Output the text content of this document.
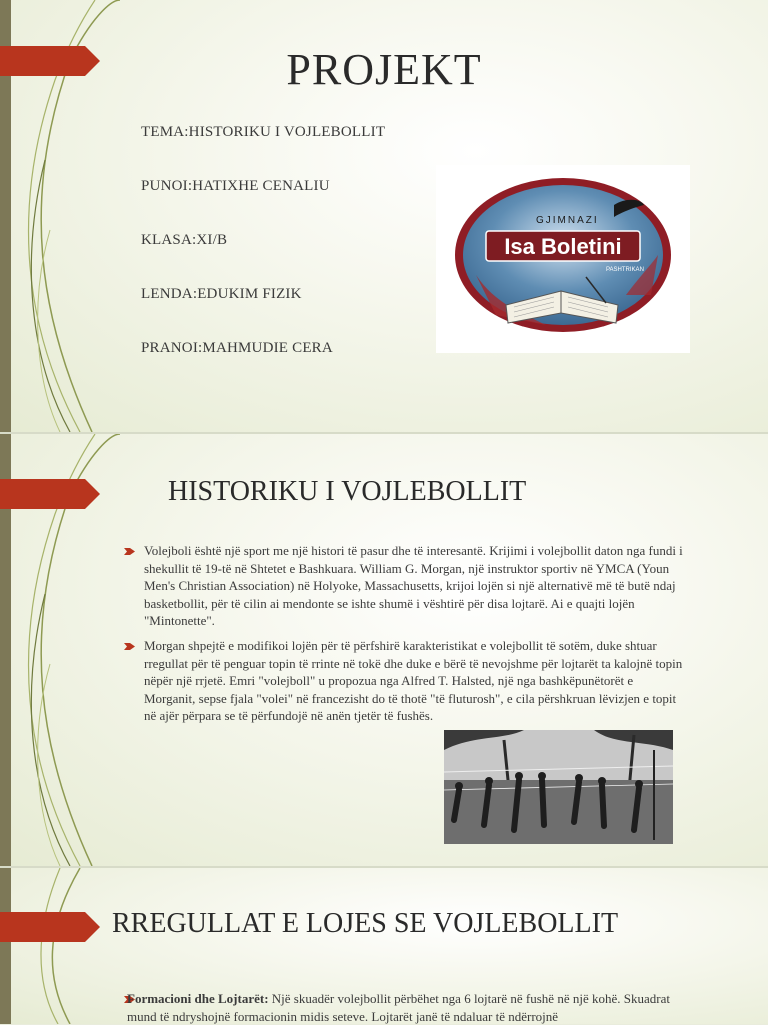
PROJEKT
TEMA:HISTORIKU I VOJLEBOLLIT
PUNOI:HATIXHE CENALIU
KLASA:XI/B
LENDA:EDUKIM FIZIK
PRANOI:MAHMUDIE CERA
GJIMNAZI
Isa Boletini
PASHTRIKAN
HISTORIKU I VOJLEBOLLIT
Volejboli është një sport me një histori të pasur dhe të interesantë. Krijimi i volejbollit daton nga fundi i shekullit të 19-të në Shtetet e Bashkuara. William G. Morgan, një instruktor sportiv në YMCA (Youn Men's Christian Association) në Holyoke, Massachusetts, krijoi lojën si një alternativë më të butë ndaj basketbollit, për të cilin ai mendonte se ishte shumë i vështirë për disa lojtarë. Ai e quajti lojën "Mintonette".
Morgan shpejtë e modifikoi lojën për të përfshirë karakteristikat e volejbollit të sotëm, duke shtuar rregullat për të penguar topin të rrinte në tokë dhe duke e bërë të nevojshme për lojtarët ta kalojnë topin nëpër një rrjetë. Emri "volejboll" u propozua nga Alfred T. Halsted, një nga bashkëpunëtorët e Morganit, sepse fjala "volei" në francezisht do të thotë "të fluturosh", e cila përshkruan lëvizjen e topit në ajër përpara se të përfundojë në anën tjetër të fushës.
RREGULLAT E LOJES SE VOJLEBOLLIT
Formacioni dhe Lojtarët: Një skuadër volejbollit përbëhet nga 6 lojtarë në fushë në një kohë. Skuadrat mund të ndryshojnë formacionin midis seteve. Lojtarët janë të ndaluar të ndërrojnë
